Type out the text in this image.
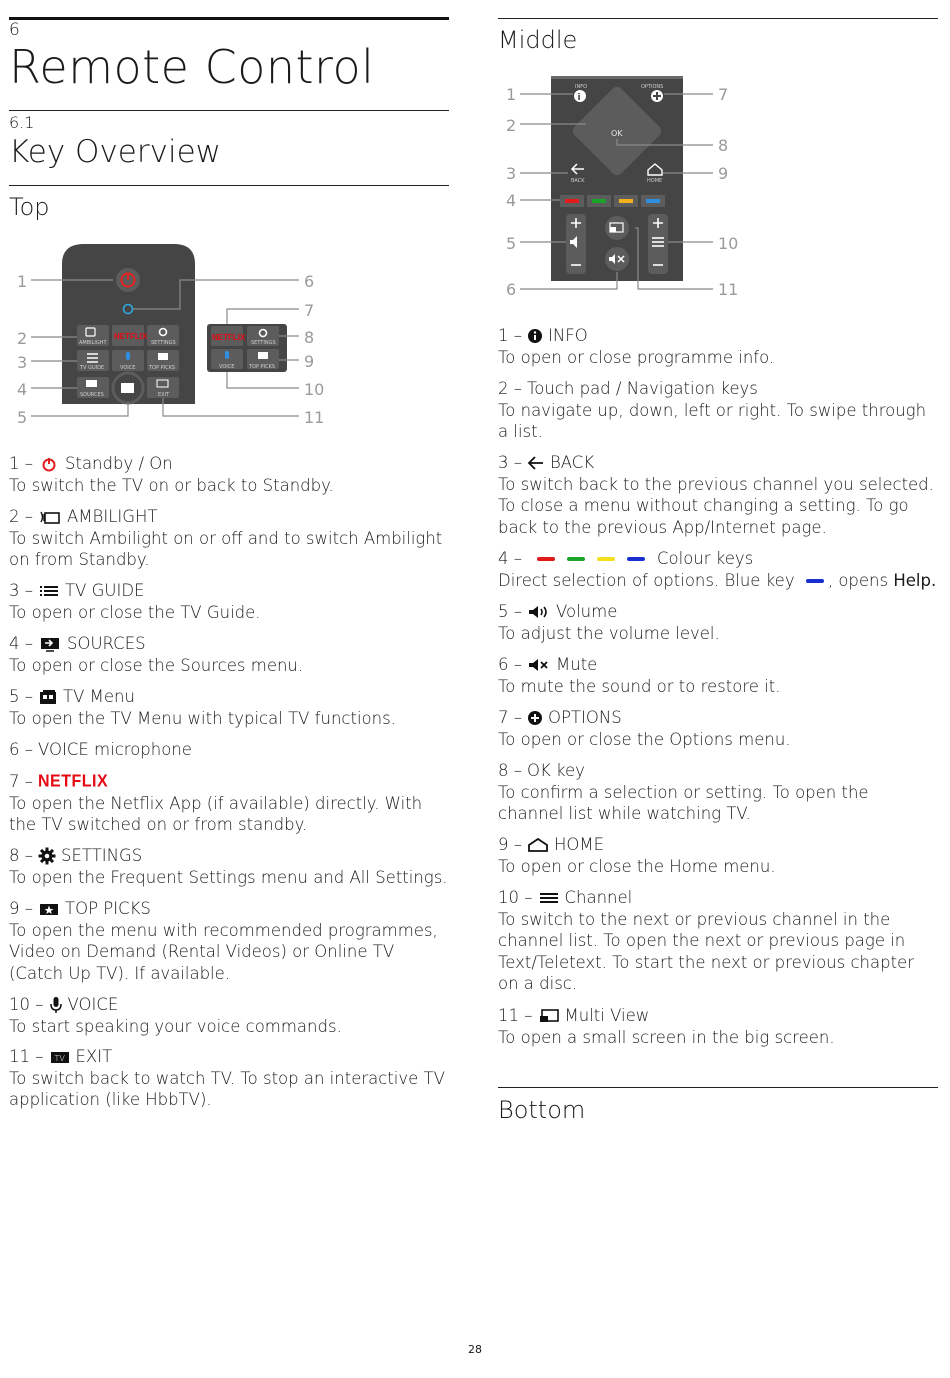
6
Remote Control
6.1
Key Overview
Top
NETFLIX
AMBILIGHT	SETTINGS
TV GUIDE	VOICE	TOP PICKS
SOURCES	EXIT
NETFLIX
SETTINGS
VOICE	TOP PICKS
1
2
3
4
5
6
7
8
9
10
11
1 – Standby / On
To switch the TV on or back to Standby.
2 – AMBILIGHT
To switch Ambilight on or off and to switch Ambilight on from Standby.
3 – TV GUIDE
To open or close the TV Guide.
4 – SOURCES
To open or close the Sources menu.
5 – TV Menu
To open the TV Menu with typical TV functions.
6 – VOICE microphone
7 – NETFLIX
To open the Netflix App (if available) directly. With the TV switched on or from standby.
8 – SETTINGS
To open the Frequent Settings menu and All Settings.
9 – TOP PICKS
To open the menu with recommended programmes, Video on Demand (Rental Videos) or Online TV (Catch Up TV). If available.
10 – VOICE
To start speaking your voice commands.
11 – TV EXIT
To switch back to watch TV. To stop an interactive TV application (like HbbTV).
Middle
INFO	OPTIONS
i
OK
BACK	HOME
1
2
3
4
5
6
7
8
9
10
11
1 – INFO
To open or close programme info.
2 – Touch pad / Navigation keys
To navigate up, down, left or right. To swipe through a list.
3 – BACK
To switch back to the previous channel you selected. To close a menu without changing a setting. To go back to the previous App/Internet page.
4 –	Colour keys
Direct selection of options. Blue key , opens Help.
5 – Volume
To adjust the volume level.
6 – Mute
To mute the sound or to restore it.
7 – OPTIONS
To open or close the Options menu.
8 – OK key
To confirm a selection or setting. To open the channel list while watching TV.
9 – HOME
To open or close the Home menu.
10 – Channel
To switch to the next or previous channel in the channel list. To open the next or previous page in Text/Teletext. To start the next or previous chapter on a disc.
11 – Multi View
To open a small screen in the big screen.
Bottom
28
